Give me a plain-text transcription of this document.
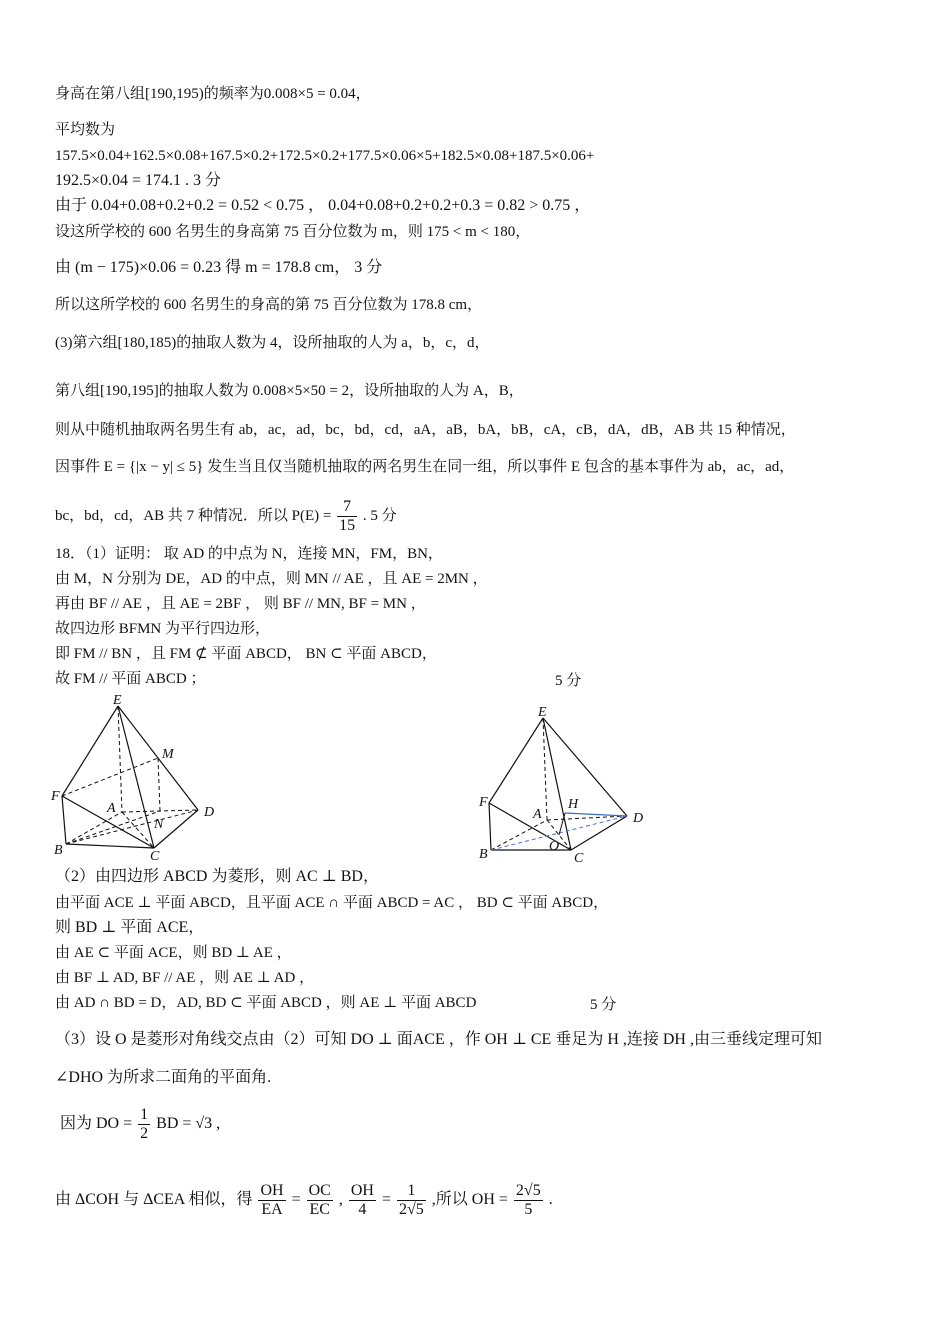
身高在第八组[190,195)的频率为0.008×5 = 0.04，
平均数为
157.5×0.04+162.5×0.08+167.5×0.2+172.5×0.2+177.5×0.06×5+182.5×0.08+187.5×0.06+
192.5×0.04 = 174.1 . 3 分
由于 0.04+0.08+0.2+0.2 = 0.52 < 0.75 ， 0.04+0.08+0.2+0.2+0.3 = 0.82 > 0.75 ，
设这所学校的 600 名男生的身高第 75 百分位数为 m，则 175 < m < 180，
由 (m − 175)×0.06 = 0.23 得 m = 178.8 cm， 3 分
所以这所学校的 600 名男生的身高的第 75 百分位数为 178.8 cm，
(3)第六组[180,185)的抽取人数为 4，设所抽取的人为 a，b，c，d，
第八组[190,195]的抽取人数为 0.008×5×50 = 2，设所抽取的人为 A，B，
则从中随机抽取两名男生有 ab，ac，ad，bc，bd，cd，aA，aB，bA，bB，cA，cB，dA，dB，AB 共 15 种情况，
因事件 E = {|x − y| ≤ 5} 发生当且仅当随机抽取的两名男生在同一组，所以事件 E 包含的基本事件为 ab，ac，ad，
bc，bd，cd，AB 共 7 种情况．所以 $P(E) = \frac{7}{15}$ . 5 分
18．（1）证明： 取 AD 的中点为 N，连接 MN，FM，BN，
由 M，N 分别为 DE，AD 的中点，则 MN // AE ，且 AE = 2MN ，
再由 BF // AE ，且 AE = 2BF ， 则 BF // MN, BF = MN ，
故四边形 BFMN 为平行四边形，
即 FM // BN ，且 FM ⊄ 平面 ABCD， BN ⊂ 平面 ABCD，
故 FM // 平面 ABCD ；	5 分
E
M
F
A
N
D
B	C
E
F
A
H
D
O
B	C
（2）由四边形 ABCD 为菱形，则 AC ⊥ BD，
由平面 ACE ⊥ 平面 ABCD，且平面 ACE ∩ 平面 ABCD = AC ， BD ⊂ 平面 ABCD，
则 BD ⊥ 平面 ACE，
由 AE ⊂ 平面 ACE，则 BD ⊥ AE ，
由 BF ⊥ AD, BF // AE ，则 AE ⊥ AD ，
由 AD ∩ BD = D，AD, BD ⊂ 平面 ABCD ，则 AE ⊥ 平面 ABCD	5 分
（3）设 O 是菱形对角线交点由（2）可知 DO ⊥ 面ACE ，作 OH ⊥ CE 垂足为 H ,连接 DH ,由三垂线定理可知
∠DHO 为所求二面角的平面角.
因为 DO = $\frac{1}{2}$ BD = √3 ,
由 ΔCOH 与 ΔCEA 相似，得 $\frac{OH}{EA} = \frac{OC}{EC}$ , $\frac{OH}{4} = \frac{1}{2√5}$ ,所以 OH = $\frac{2√5}{5}$ .
